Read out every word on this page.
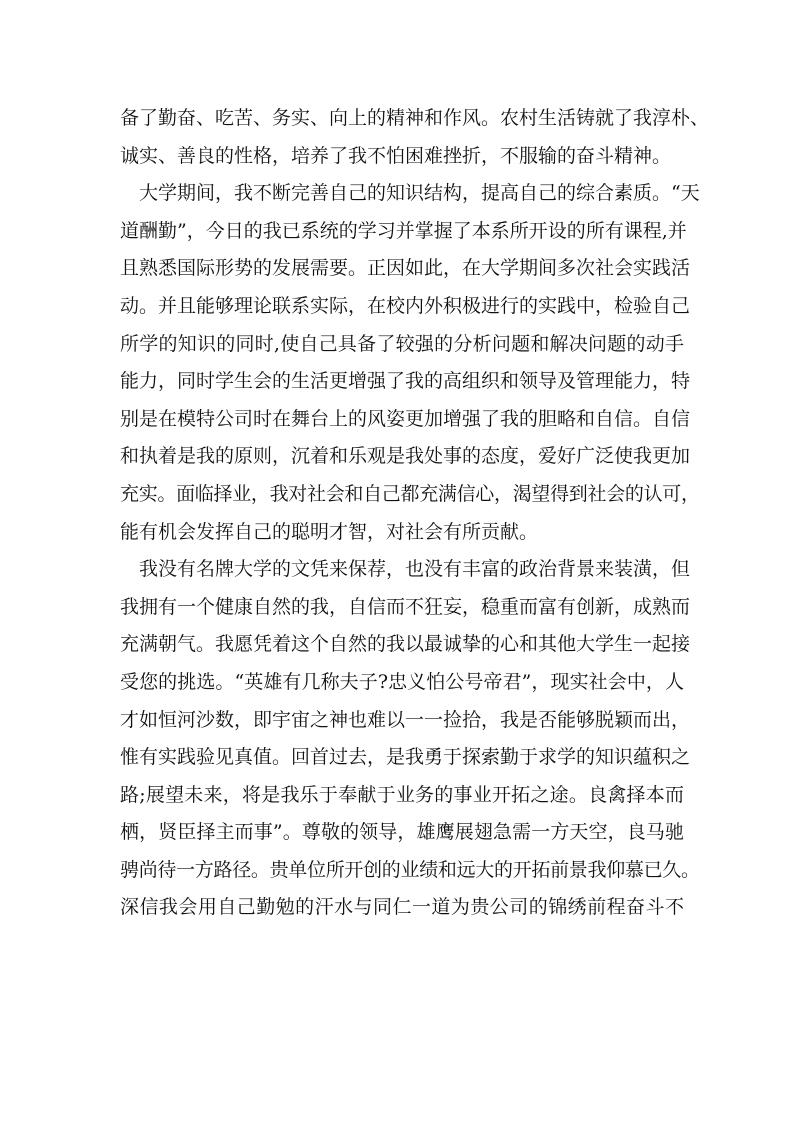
备了勤奋、吃苦、务实、向上的精神和作风。农村生活铸就了我淳朴、
诚实、善良的性格，培养了我不怕困难挫折，不服输的奋斗精神。
大学期间，我不断完善自己的知识结构，提高自己的综合素质。“天
道酬勤”，今日的我已系统的学习并掌握了本系所开设的所有课程,并
且熟悉国际形势的发展需要。正因如此，在大学期间多次社会实践活
动。并且能够理论联系实际，在校内外积极进行的实践中，检验自己
所学的知识的同时,使自己具备了较强的分析问题和解决问题的动手
能力，同时学生会的生活更增强了我的高组织和领导及管理能力，特
别是在模特公司时在舞台上的风姿更加增强了我的胆略和自信。自信
和执着是我的原则，沉着和乐观是我处事的态度，爱好广泛使我更加
充实。面临择业，我对社会和自己都充满信心，渴望得到社会的认可，
能有机会发挥自己的聪明才智，对社会有所贡献。
我没有名牌大学的文凭来保荐，也没有丰富的政治背景来装潢，但
我拥有一个健康自然的我，自信而不狂妄，稳重而富有创新，成熟而
充满朝气。我愿凭着这个自然的我以最诚挚的心和其他大学生一起接
受您的挑选。“英雄有几称夫子?忠义怕公号帝君”，现实社会中，人
才如恒河沙数，即宇宙之神也难以一一捡拾，我是否能够脱颖而出，
惟有实践验见真值。回首过去，是我勇于探索勤于求学的知识蕴积之
路;展望未来，将是我乐于奉献于业务的事业开拓之途。良禽择本而
栖，贤臣择主而事”。尊敬的领导，雄鹰展翅急需一方天空，良马驰
骋尚待一方路径。贵单位所开创的业绩和远大的开拓前景我仰慕已久。
深信我会用自己勤勉的汗水与同仁一道为贵公司的锦绣前程奋斗不
